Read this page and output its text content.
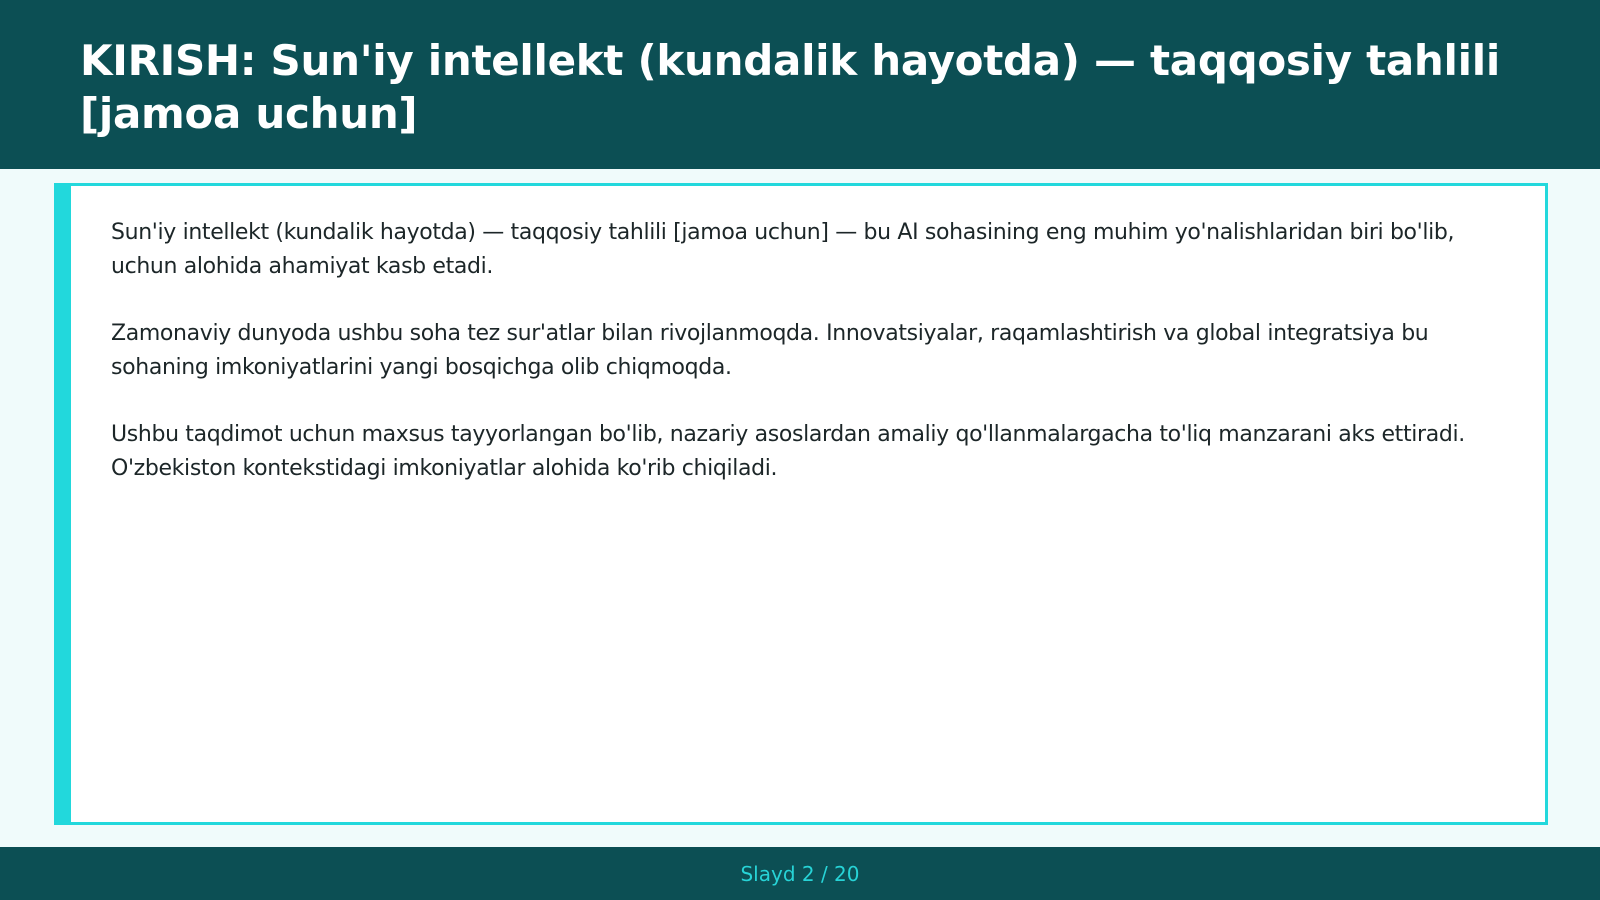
KIRISH: Sun'iy intellekt (kundalik hayotda) — taqqosiy tahlili [jamoa uchun]

Sun'iy intellekt (kundalik hayotda) — taqqosiy tahlili [jamoa uchun] — bu AI sohasining eng muhim yo'nalishlaridan biri bo'lib, uchun alohida ahamiyat kasb etadi.

Zamonaviy dunyoda ushbu soha tez sur'atlar bilan rivojlanmoqda. Innovatsiyalar, raqamlashtirish va global integratsiya bu sohaning imkoniyatlarini yangi bosqichga olib chiqmoqda.

Ushbu taqdimot uchun maxsus tayyorlangan bo'lib, nazariy asoslardan amaliy qo'llanmalargacha to'liq manzarani aks ettiradi. O'zbekiston kontekstidagi imkoniyatlar alohida ko'rib chiqiladi.

Slayd 2 / 20
